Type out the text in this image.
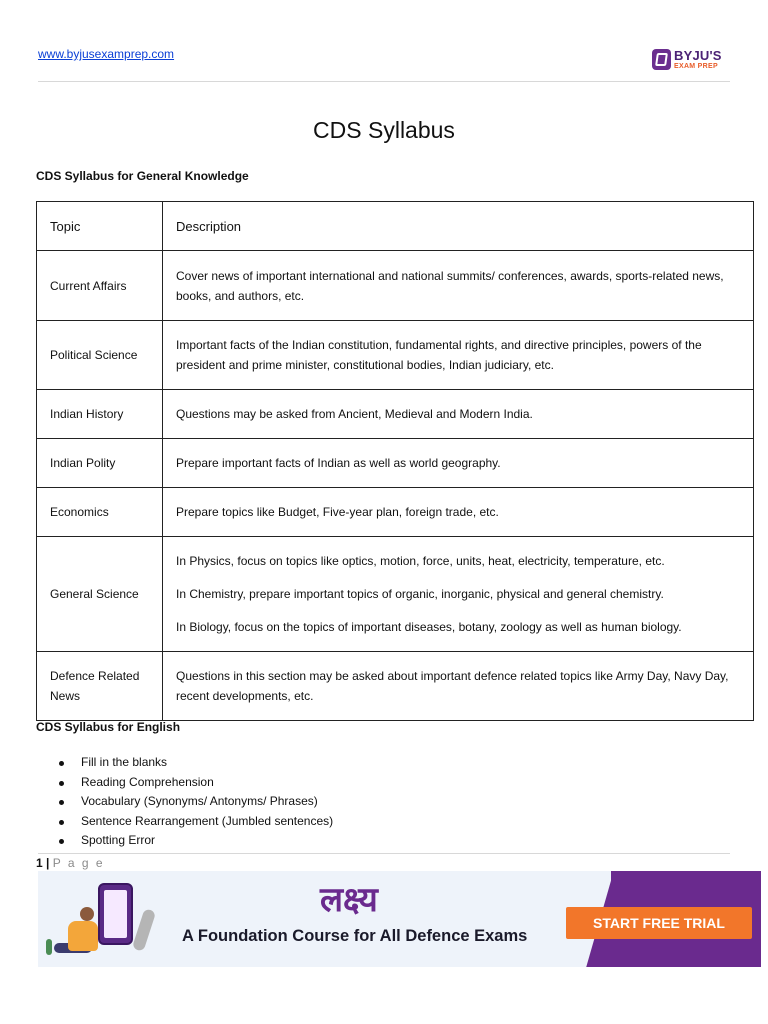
www.byjusexamprep.com	BYJU'S
EXAM PREP
CDS Syllabus
CDS Syllabus for General Knowledge
Topic	Description
Current Affairs	Cover news of important international and national summits/ conferences, awards, sports-related news, books, and authors, etc.

Political Science	Important facts of the Indian constitution, fundamental rights, and directive principles, powers of the president and prime minister, constitutional bodies, Indian judiciary, etc.

Indian History	Questions may be asked from Ancient, Medieval and Modern India.

Indian Polity	Prepare important facts of Indian as well as world geography.

Economics	Prepare topics like Budget, Five-year plan, foreign trade, etc.

General Science	In Physics, focus on topics like optics, motion, force, units, heat, electricity, temperature, etc.

In Chemistry, prepare important topics of organic, inorganic, physical and general chemistry.

In Biology, focus on the topics of important diseases, botany, zoology as well as human biology.

Defence Related News	Questions in this section may be asked about important defence related topics like Army Day, Navy Day, recent developments, etc.

CDS Syllabus for English
Fill in the blanks
Reading Comprehension
Vocabulary (Synonyms/ Antonyms/ Phrases)
Sentence Rearrangement (Jumbled sentences)
Spotting Error
1 | P a g e
लक्ष्य
A Foundation Course for All Defence Exams
START FREE TRIAL
